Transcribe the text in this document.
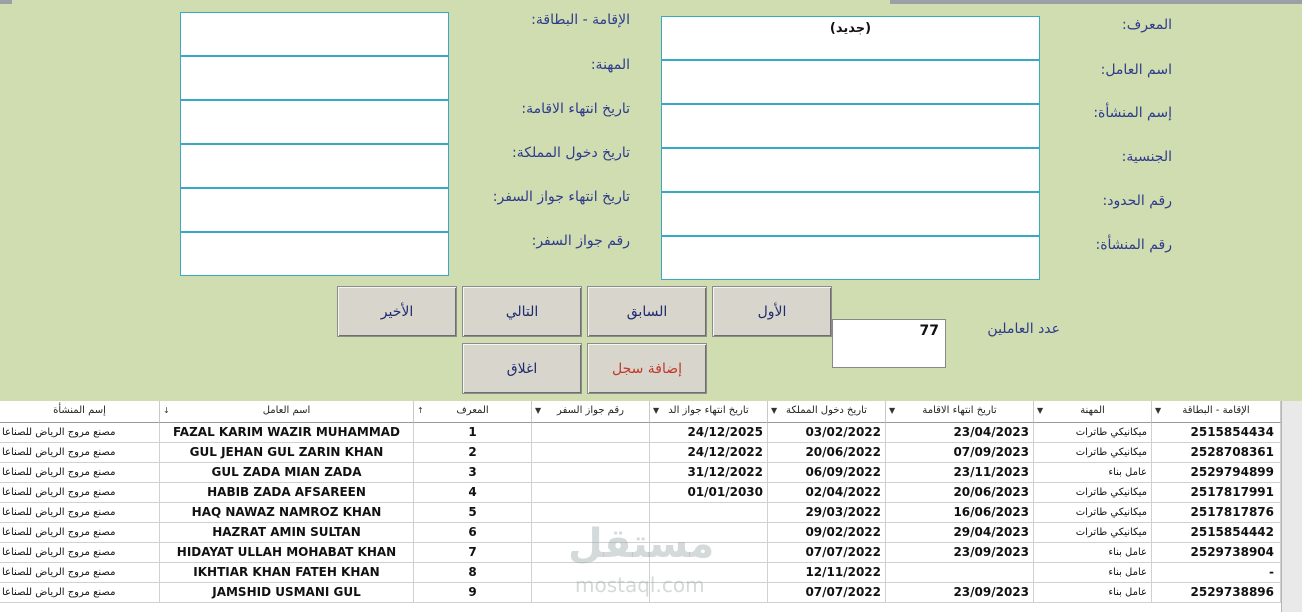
المعرف:
اسم العامل:
إسم المنشأة:
الجنسية:
رقم الحدود:
رقم المنشأة:
(جديد)
الإقامة - البطاقة:
المهنة:
تاريخ انتهاء الاقامة:
تاريخ دخول المملكة:
تاريخ انتهاء جواز السفر:
رقم جواز السفر:
الأول
السابق
التالي
الأخير
إضافة سجل
اغلاق
عدد العاملين
77
الإقامة - البطاقة
▼
المهنة
▼
تاريخ انتهاء الاقامة
▼
تاريخ دخول المملكة
▼
تاريخ انتهاء جواز الد
▼
رقم جواز السفر
▼
المعرف
↑
اسم العامل
↓
إسم المنشأة
2515854434
ميكانيكي طاترات
23/04/2023
03/02/2022
24/12/2025
1
FAZAL KARIM WAZIR MUHAMMAD
مصنع مروج الرياض للصناعا
2528708361
ميكانيكي طاترات
07/09/2023
20/06/2022
24/12/2022
2
GUL JEHAN GUL ZARIN KHAN
مصنع مروج الرياض للصناعا
2529794899
عامل بناء
23/11/2023
06/09/2022
31/12/2022
3
GUL ZADA MIAN ZADA
مصنع مروج الرياض للصناعا
2517817991
ميكانيكي طاترات
20/06/2023
02/04/2022
01/01/2030
4
HABIB ZADA AFSAREEN
مصنع مروج الرياض للصناعا
2517817876
ميكانيكي طاترات
16/06/2023
29/03/2022
5
HAQ NAWAZ NAMROZ KHAN
مصنع مروج الرياض للصناعا
2515854442
ميكانيكي طاترات
29/04/2023
09/02/2022
6
HAZRAT AMIN SULTAN
مصنع مروج الرياض للصناعا
2529738904
عامل بناء
23/09/2023
07/07/2022
7
HIDAYAT ULLAH MOHABAT KHAN
مصنع مروج الرياض للصناعا
-
عامل بناء
12/11/2022
8
IKHTIAR KHAN FATEH KHAN
مصنع مروج الرياض للصناعا
2529738896
عامل بناء
23/09/2023
07/07/2022
9
JAMSHID USMANI GUL
مصنع مروج الرياض للصناعا
مستقل
mostaql.com
